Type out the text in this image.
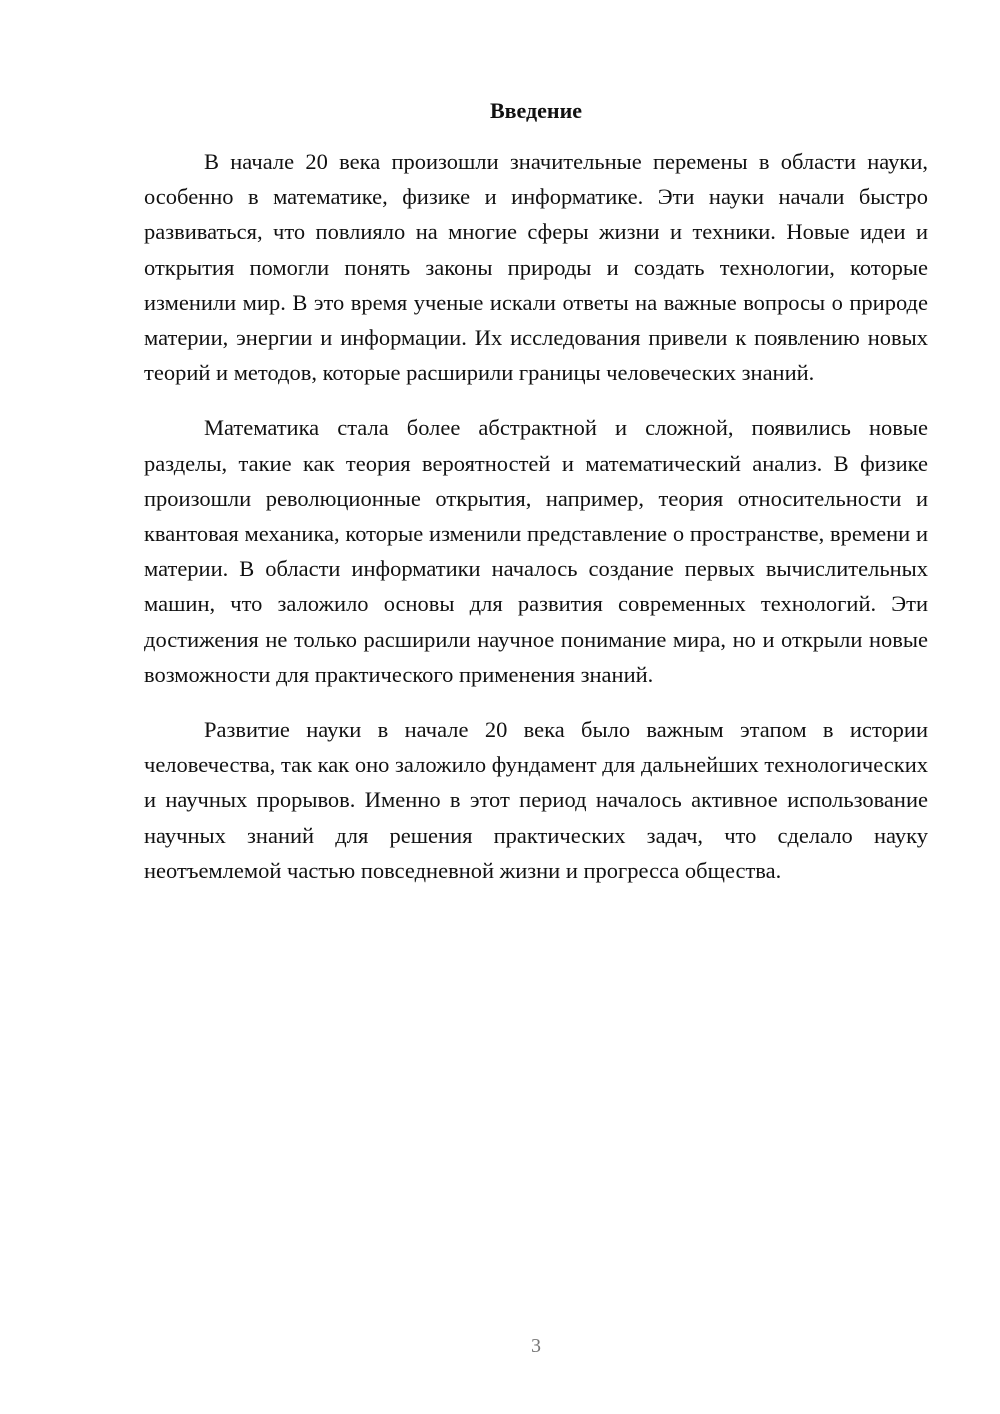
Введение

В начале 20 века произошли значительные перемены в области науки, особенно в математике, физике и информатике. Эти науки начали быстро развиваться, что повлияло на многие сферы жизни и техники. Новые идеи и открытия помогли понять законы природы и создать технологии, которые изменили мир. В это время ученые искали ответы на важные вопросы о природе материи, энергии и информации. Их исследования привели к появлению новых теорий и методов, которые расширили границы человеческих знаний.

Математика стала более абстрактной и сложной, появились новые разделы, такие как теория вероятностей и математический анализ. В физике произошли революционные открытия, например, теория относительности и квантовая механика, которые изменили представление о пространстве, времени и материи. В области информатики началось создание первых вычислительных машин, что заложило основы для развития современных технологий. Эти достижения не только расширили научное понимание мира, но и открыли новые возможности для практического применения знаний.

Развитие науки в начале 20 века было важным этапом в истории человечества, так как оно заложило фундамент для дальнейших технологических и научных прорывов. Именно в этот период началось активное использование научных знаний для решения практических задач, что сделало науку неотъемлемой частью повседневной жизни и прогресса общества.

3
